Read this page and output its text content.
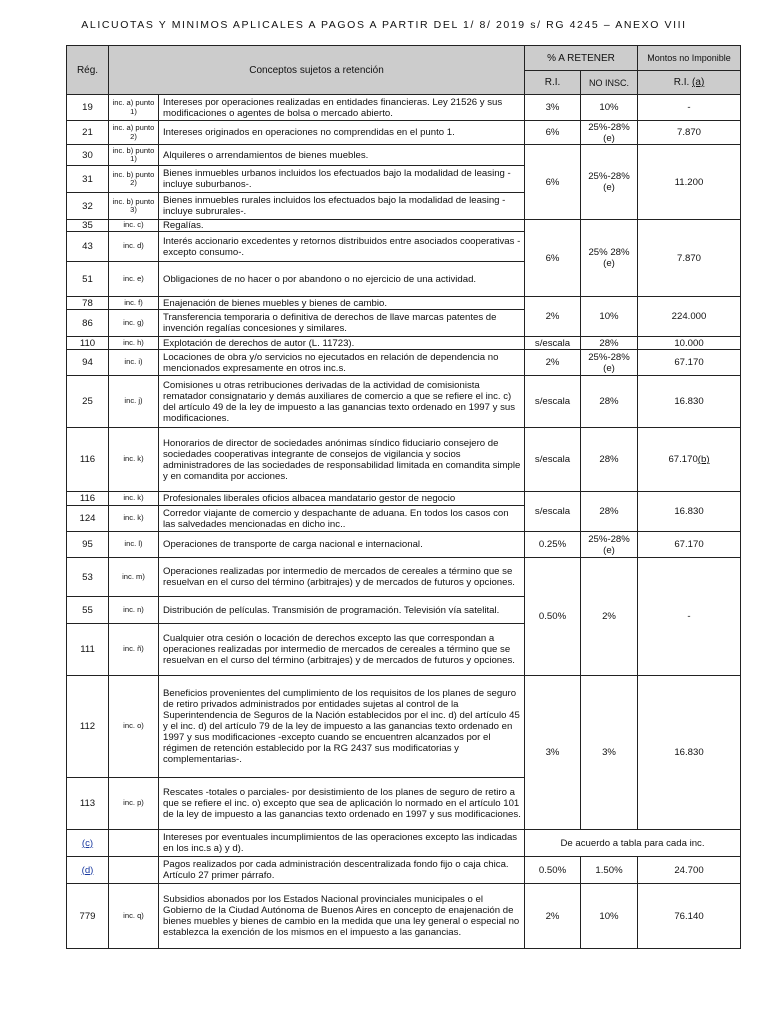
ALICUOTAS Y MINIMOS APLICALES A PAGOS A PARTIR DEL 1/ 8/ 2019 s/ RG 4245 – ANEXO VIII
Rég.	Conceptos sujetos a retención		% A RETENER		Montos no Imponible
			R.I.	NO INSC.	R.I. (a)
19	inc. a) punto 1)	Intereses por operaciones realizadas en entidades financieras. Ley 21526 y sus modificaciones o agentes de bolsa o mercado abierto.	3%	10%	-
21	inc. a) punto 2)	Intereses originados en operaciones no comprendidas en el punto 1.	6%	25%-28%(e)	7.870
30	inc. b) punto 1)	Alquileres o arrendamientos de bienes muebles.	6%	25%-28% (e)	11.200
31	inc. b) punto 2)	Bienes inmuebles urbanos incluidos los efectuados bajo la modalidad de leasing -incluye suburbanos-.			
32	inc. b) punto 3)	Bienes inmuebles rurales incluidos los efectuados bajo la modalidad de leasing -incluye subrurales-.			
35	inc. c)	Regalías.	6%	25% 28% (e)	7.870
43	inc. d)	Interés accionario excedentes y retornos distribuidos entre asociados cooperativas -excepto consumo-.			
51	inc. e)	Obligaciones de no hacer o por abandono o no ejercicio de una actividad.			
78	inc. f)	Enajenación de bienes muebles y bienes de cambio.	2%	10%	224.000
86	inc. g)	Transferencia temporaria o definitiva de derechos de llave marcas patentes de invención regalías concesiones y similares.			
110	inc. h)	Explotación de derechos de autor (L. 11723).	s/escala	28%	10.000
94	inc. i)	Locaciones de obra y/o servicios no ejecutados en relación de dependencia no mencionados expresamente en otros inc.s.	2%	25%-28% (e)	67.170
25	inc. j)	Comisiones u otras retribuciones derivadas de la actividad de comisionista rematador consignatario y demás auxiliares de comercio a que se refiere el inc. c) del artículo 49 de la ley de impuesto a las ganancias texto ordenado en 1997 y sus modificaciones.	s/escala	28%	16.830
116	inc. k)	Honorarios de director de sociedades anónimas síndico fiduciario consejero de sociedades cooperativas integrante de consejos de vigilancia y socios administradores de las sociedades de responsabilidad limitada en comandita simple y en comandita por acciones.	s/escala	28%	67.170(b)
116	inc. k)	Profesionales liberales oficios albacea mandatario gestor de negocio	s/escala	28%	16.830
124	inc. k)	Corredor viajante de comercio y despachante de aduana. En todos los casos con las salvedades mencionadas en dicho inc..			
95	inc. l)	Operaciones de transporte de carga nacional e internacional.	0.25%	25%-28%(e)	67.170
53	inc. m)	Operaciones realizadas por intermedio de mercados de cereales a término que se resuelvan en el curso del término (arbitrajes) y de mercados de futuros y opciones.	0.50%	2%	-
55	inc. n)	Distribución de películas. Transmisión de programación. Televisión vía satelital.			
111	inc. ñ)	Cualquier otra cesión o locación de derechos excepto las que correspondan a operaciones realizadas por intermedio de mercados de cereales a término que se resuelvan en el curso del término (arbitrajes) y de mercados de futuros y opciones.			
112	inc. o)	Beneficios provenientes del cumplimiento de los requisitos de los planes de seguro de retiro privados administrados por entidades sujetas al control de la Superintendencia de Seguros de la Nación establecidos por el inc. d) del artículo 45 y el inc. d) del artículo 79 de la ley de impuesto a las ganancias texto ordenado en 1997 y sus modificaciones -excepto cuando se encuentren alcanzados por el régimen de retención establecido por la RG 2437 sus modificatorias y complementarias-.	3%	3%	16.830
113	inc. p)	Rescates -totales o parciales- por desistimiento de los planes de seguro de retiro a que se refiere el inc. o) excepto que sea de aplicación lo normado en el artículo 101 de la ley de impuesto a las ganancias texto ordenado en 1997 y sus modificaciones.			
(c)		Intereses por eventuales incumplimientos de las operaciones excepto las indicadas en los inc.s a) y d).	De acuerdo a tabla para cada inc.		
(d)		Pagos realizados por cada administración descentralizada fondo fijo o caja chica. Artículo 27 primer párrafo.	0.50%	1.50%	24.700
779	inc. q)	Subsidios abonados por los Estados Nacional provinciales municipales o el Gobierno de la Ciudad Autónoma de Buenos Aires en concepto de enajenación de bienes muebles y bienes de cambio en la medida que una ley general o especial no establezca la exención de los mismos en el impuesto a las ganancias.	2%	10%	76.140
